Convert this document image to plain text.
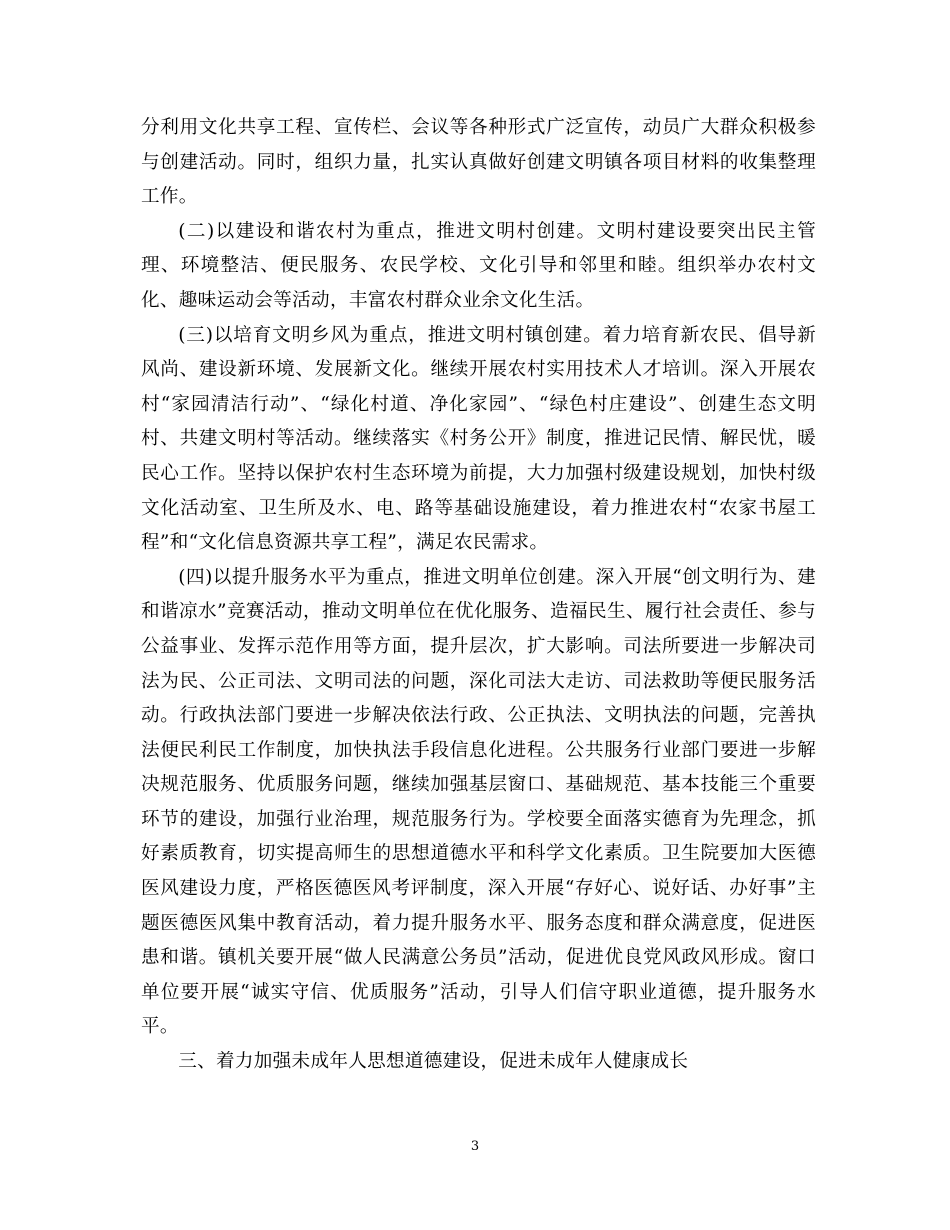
分利用文化共享工程、宣传栏、会议等各种形式广泛宣传，动员广大群众积极参与创建活动。同时，组织力量，扎实认真做好创建文明镇各项目材料的收集整理工作。

(二)以建设和谐农村为重点，推进文明村创建。文明村建设要突出民主管理、环境整洁、便民服务、农民学校、文化引导和邻里和睦。组织举办农村文化、趣味运动会等活动，丰富农村群众业余文化生活。

(三)以培育文明乡风为重点，推进文明村镇创建。着力培育新农民、倡导新风尚、建设新环境、发展新文化。继续开展农村实用技术人才培训。深入开展农村“家园清洁行动”、“绿化村道、净化家园”、“绿色村庄建设”、创建生态文明村、共建文明村等活动。继续落实《村务公开》制度，推进记民情、解民忧，暖民心工作。坚持以保护农村生态环境为前提，大力加强村级建设规划，加快村级文化活动室、卫生所及水、电、路等基础设施建设，着力推进农村“农家书屋工程”和“文化信息资源共享工程”，满足农民需求。

(四)以提升服务水平为重点，推进文明单位创建。深入开展“创文明行为、建和谐凉水”竞赛活动，推动文明单位在优化服务、造福民生、履行社会责任、参与公益事业、发挥示范作用等方面，提升层次，扩大影响。司法所要进一步解决司法为民、公正司法、文明司法的问题，深化司法大走访、司法救助等便民服务活动。行政执法部门要进一步解决依法行政、公正执法、文明执法的问题，完善执法便民利民工作制度，加快执法手段信息化进程。公共服务行业部门要进一步解决规范服务、优质服务问题，继续加强基层窗口、基础规范、基本技能三个重要环节的建设，加强行业治理，规范服务行为。学校要全面落实德育为先理念，抓好素质教育，切实提高师生的思想道德水平和科学文化素质。卫生院要加大医德医风建设力度，严格医德医风考评制度，深入开展“存好心、说好话、办好事”主题医德医风集中教育活动，着力提升服务水平、服务态度和群众满意度，促进医患和谐。镇机关要开展“做人民满意公务员”活动，促进优良党风政风形成。窗口单位要开展“诚实守信、优质服务”活动，引导人们信守职业道德，提升服务水平。

三、着力加强未成年人思想道德建设，促进未成年人健康成长

3
